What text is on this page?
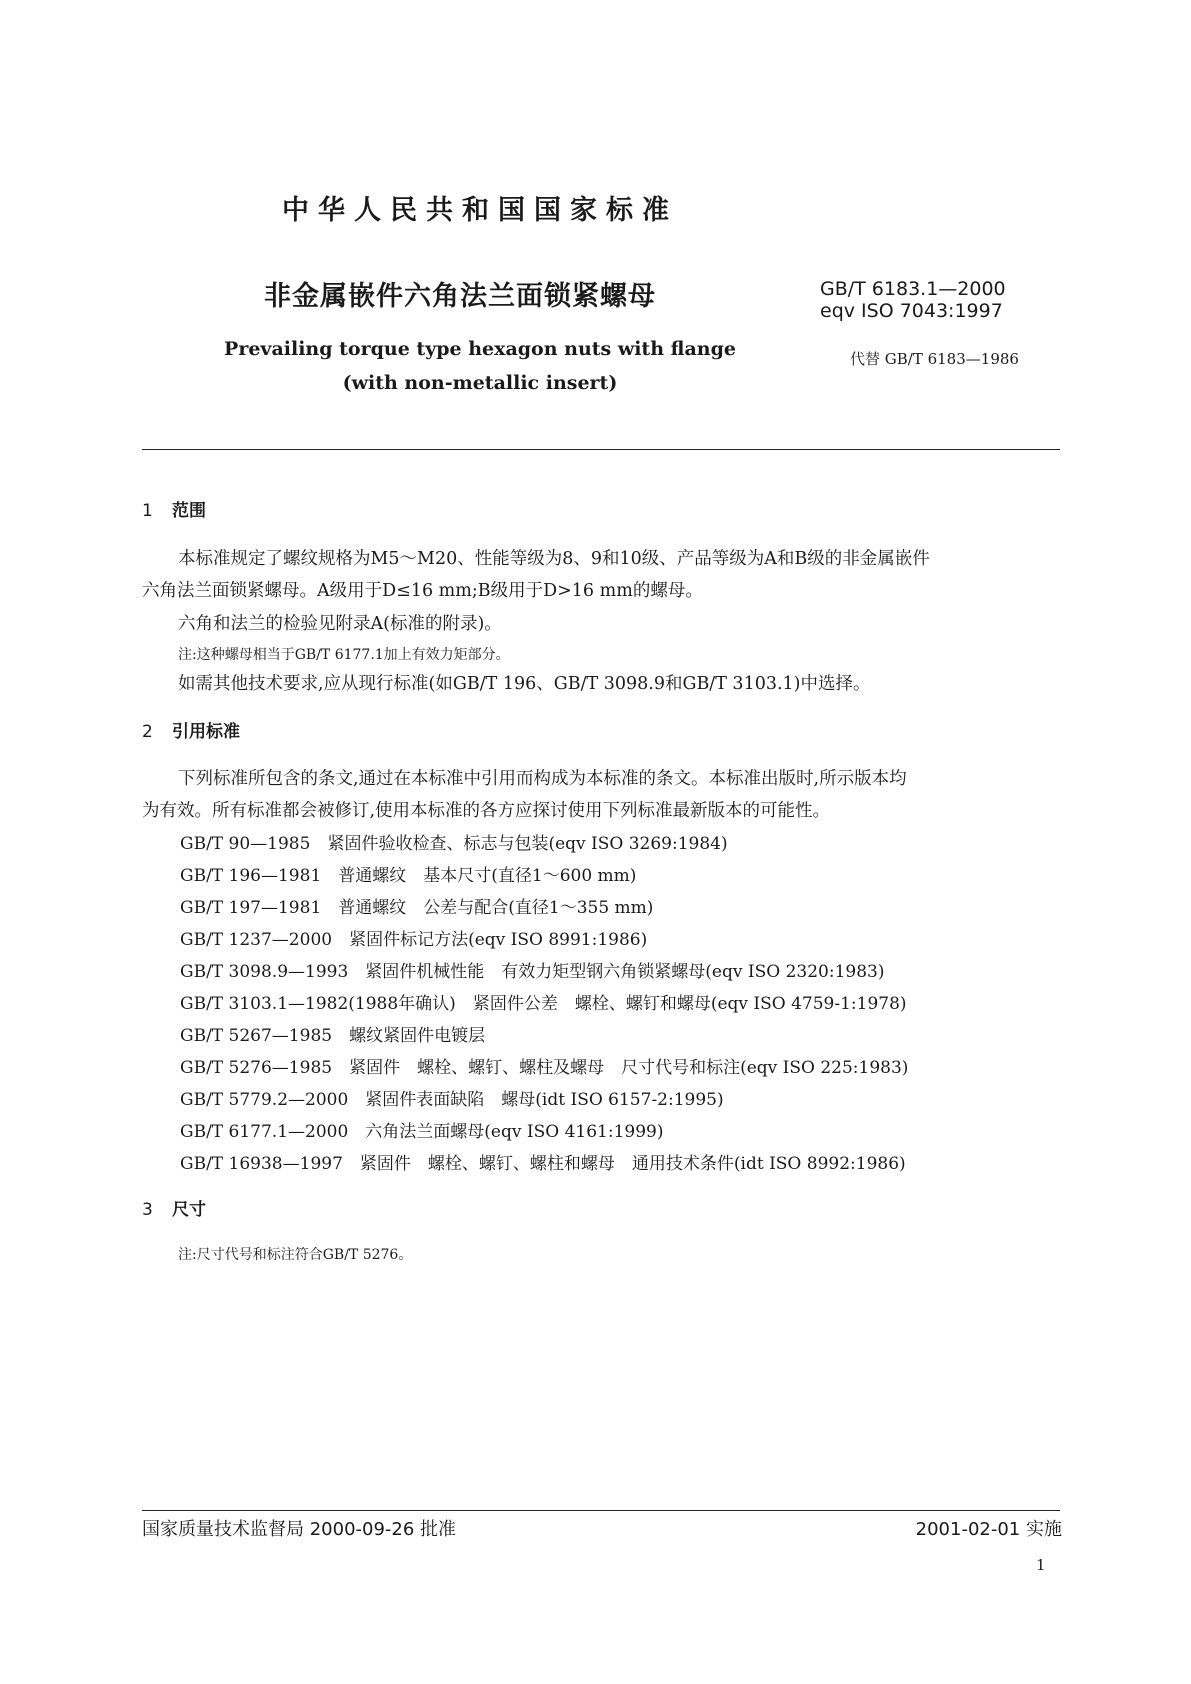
中华人民共和国国家标准
非金属嵌件六角法兰面锁紧螺母	GB/T 6183.1—2000
eqv ISO 7043:1997
Prevailing torque type hexagon nuts with flange
(with non-metallic insert)
代替 GB/T 6183—1986
1 范围
本标准规定了螺纹规格为M5～M20、性能等级为8、9和10级、产品等级为A和B级的非金属嵌件
六角法兰面锁紧螺母。A级用于D≤16 mm;B级用于D>16 mm的螺母。
六角和法兰的检验见附录A(标准的附录)。
注:这种螺母相当于GB/T 6177.1加上有效力矩部分。
如需其他技术要求,应从现行标准(如GB/T 196、GB/T 3098.9和GB/T 3103.1)中选择。
2 引用标准
下列标准所包含的条文,通过在本标准中引用而构成为本标准的条文。本标准出版时,所示版本均
为有效。所有标准都会被修订,使用本标准的各方应探讨使用下列标准最新版本的可能性。
GB/T 90—1985　紧固件验收检查、标志与包装(eqv ISO 3269:1984)
GB/T 196—1981　普通螺纹　基本尺寸(直径1～600 mm)
GB/T 197—1981　普通螺纹　公差与配合(直径1～355 mm)
GB/T 1237—2000　紧固件标记方法(eqv ISO 8991:1986)
GB/T 3098.9—1993　紧固件机械性能　有效力矩型钢六角锁紧螺母(eqv ISO 2320:1983)
GB/T 3103.1—1982(1988年确认)　紧固件公差　螺栓、螺钉和螺母(eqv ISO 4759-1:1978)
GB/T 5267—1985　螺纹紧固件电镀层
GB/T 5276—1985　紧固件　螺栓、螺钉、螺柱及螺母　尺寸代号和标注(eqv ISO 225:1983)
GB/T 5779.2—2000　紧固件表面缺陷　螺母(idt ISO 6157-2:1995)
GB/T 6177.1—2000　六角法兰面螺母(eqv ISO 4161:1999)
GB/T 16938—1997　紧固件　螺栓、螺钉、螺柱和螺母　通用技术条件(idt ISO 8992:1986)
3 尺寸
注:尺寸代号和标注符合GB/T 5276。
国家质量技术监督局 2000-09-26 批准	2001-02-01 实施
1
